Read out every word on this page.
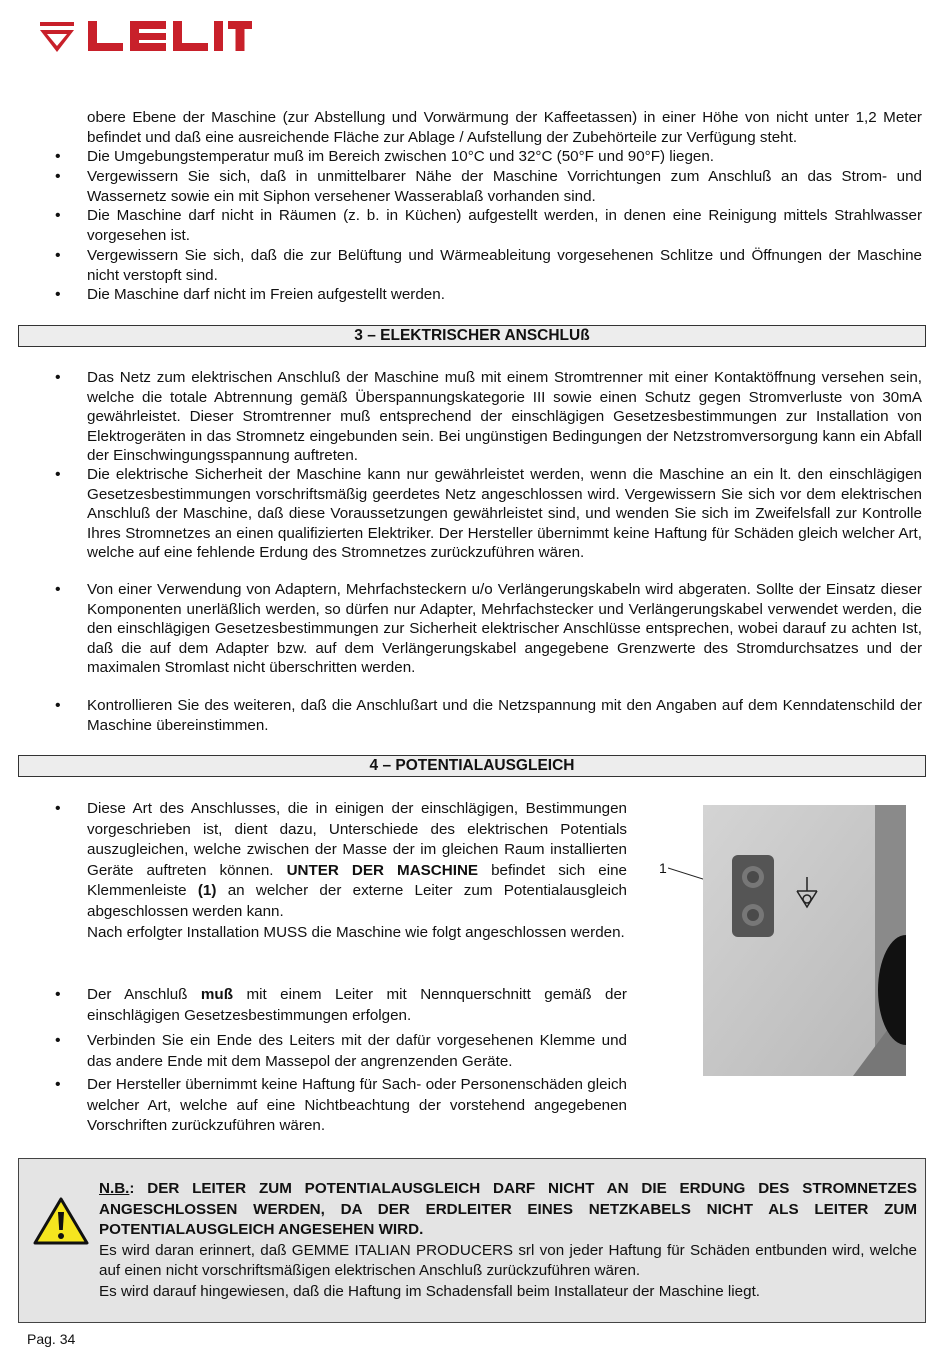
obere Ebene der Maschine (zur Abstellung und Vorwärmung der Kaffeetassen) in einer Höhe von nicht unter 1,2 Meter befindet und daß eine ausreichende Fläche zur Ablage / Aufstellung der Zubehörteile zur Verfügung steht.
• Die Umgebungstemperatur muß im Bereich zwischen 10°C und 32°C (50°F und 90°F) liegen.
• Vergewissern Sie sich, daß in unmittelbarer Nähe der Maschine Vorrichtungen zum Anschluß an das Strom- und Wassernetz sowie ein mit Siphon versehener Wasserablaß vorhanden sind.
• Die Maschine darf nicht in Räumen (z. b. in Küchen) aufgestellt werden, in denen eine Reinigung mittels Strahlwasser vorgesehen ist.
• Vergewissern Sie sich, daß die zur Belüftung und Wärmeableitung vorgesehenen Schlitze und Öffnungen der Maschine nicht verstopft sind.
• Die Maschine darf nicht im Freien aufgestellt werden.
3 – ELEKTRISCHER ANSCHLUß
• Das Netz zum elektrischen Anschluß der Maschine muß mit einem Stromtrenner mit einer Kontaktöffnung versehen sein, welche die totale Abtrennung gemäß Überspannungskategorie III sowie einen Schutz gegen Stromverluste von 30mA gewährleistet. Dieser Stromtrenner muß entsprechend der einschlägigen Gesetzesbestimmungen zur Installation von Elektrogeräten in das Stromnetz eingebunden sein. Bei ungünstigen Bedingungen der Netzstromversorgung kann ein Abfall der Einschwingungsspannung auftreten.
• Die elektrische Sicherheit der Maschine kann nur gewährleistet werden, wenn die Maschine an ein lt. den einschlägigen Gesetzesbestimmungen vorschriftsmäßig geerdetes Netz angeschlossen wird. Vergewissern Sie sich vor dem elektrischen Anschluß der Maschine, daß diese Voraussetzungen gewährleistet sind, und wenden Sie sich im Zweifelsfall zur Kontrolle Ihres Stromnetzes an einen qualifizierten Elektriker. Der Hersteller übernimmt keine Haftung für Schäden gleich welcher Art, welche auf eine fehlende Erdung des Stromnetzes zurückzuführen wären.
• Von einer Verwendung von Adaptern, Mehrfachsteckern u/o Verlängerungskabeln wird abgeraten. Sollte der Einsatz dieser Komponenten unerläßlich werden, so dürfen nur Adapter, Mehrfachstecker und Verlängerungskabel verwendet werden, die den einschlägigen Gesetzesbestimmungen zur Sicherheit elektrischer Anschlüsse entsprechen, wobei darauf zu achten Ist, daß die auf dem Adapter bzw. auf dem Verlängerungskabel angegebene Grenzwerte des Stromdurchsatzes und der maximalen Stromlast nicht überschritten werden.
• Kontrollieren Sie des weiteren, daß die Anschlußart und die Netzspannung mit den Angaben auf dem Kenndatenschild der Maschine übereinstimmen.
4 – POTENTIALAUSGLEICH
• Diese Art des Anschlusses, die in einigen der einschlägigen, Bestimmungen vorgeschrieben ist, dient dazu, Unterschiede des elektrischen Potentials auszugleichen, welche zwischen der Masse der im gleichen Raum installierten Geräte auftreten können. UNTER DER MASCHINE befindet sich eine Klemmenleiste (1) an welcher der externe Leiter zum Potentialausgleich abgeschlossen werden kann.
Nach erfolgter Installation MUSS die Maschine wie folgt angeschlossen werden.
• Der Anschluß muß mit einem Leiter mit Nennquerschnitt gemäß der einschlägigen Gesetzesbestimmungen erfolgen.
• Verbinden Sie ein Ende des Leiters mit der dafür vorgesehenen Klemme und das andere Ende mit dem Massepol der angrenzenden Geräte.
• Der Hersteller übernimmt keine Haftung für Sach- oder Personenschäden gleich welcher Art, welche auf eine Nichtbeachtung der vorstehend angegebenen Vorschriften zurückzuführen wären.
1
N.B.: DER LEITER ZUM POTENTIALAUSGLEICH DARF NICHT AN DIE ERDUNG DES STROMNETZES ANGESCHLOSSEN WERDEN, DA DER ERDLEITER EINES NETZKABELS NICHT ALS LEITER ZUM POTENTIALAUSGLEICH ANGESEHEN WIRD.
Es wird daran erinnert, daß GEMME ITALIAN PRODUCERS srl von jeder Haftung für Schäden entbunden wird, welche auf einen nicht vorschriftsmäßigen elektrischen Anschluß zurückzuführen wären.
Es wird darauf hingewiesen, daß die Haftung im Schadensfall beim Installateur der Maschine liegt.
Pag. 34
